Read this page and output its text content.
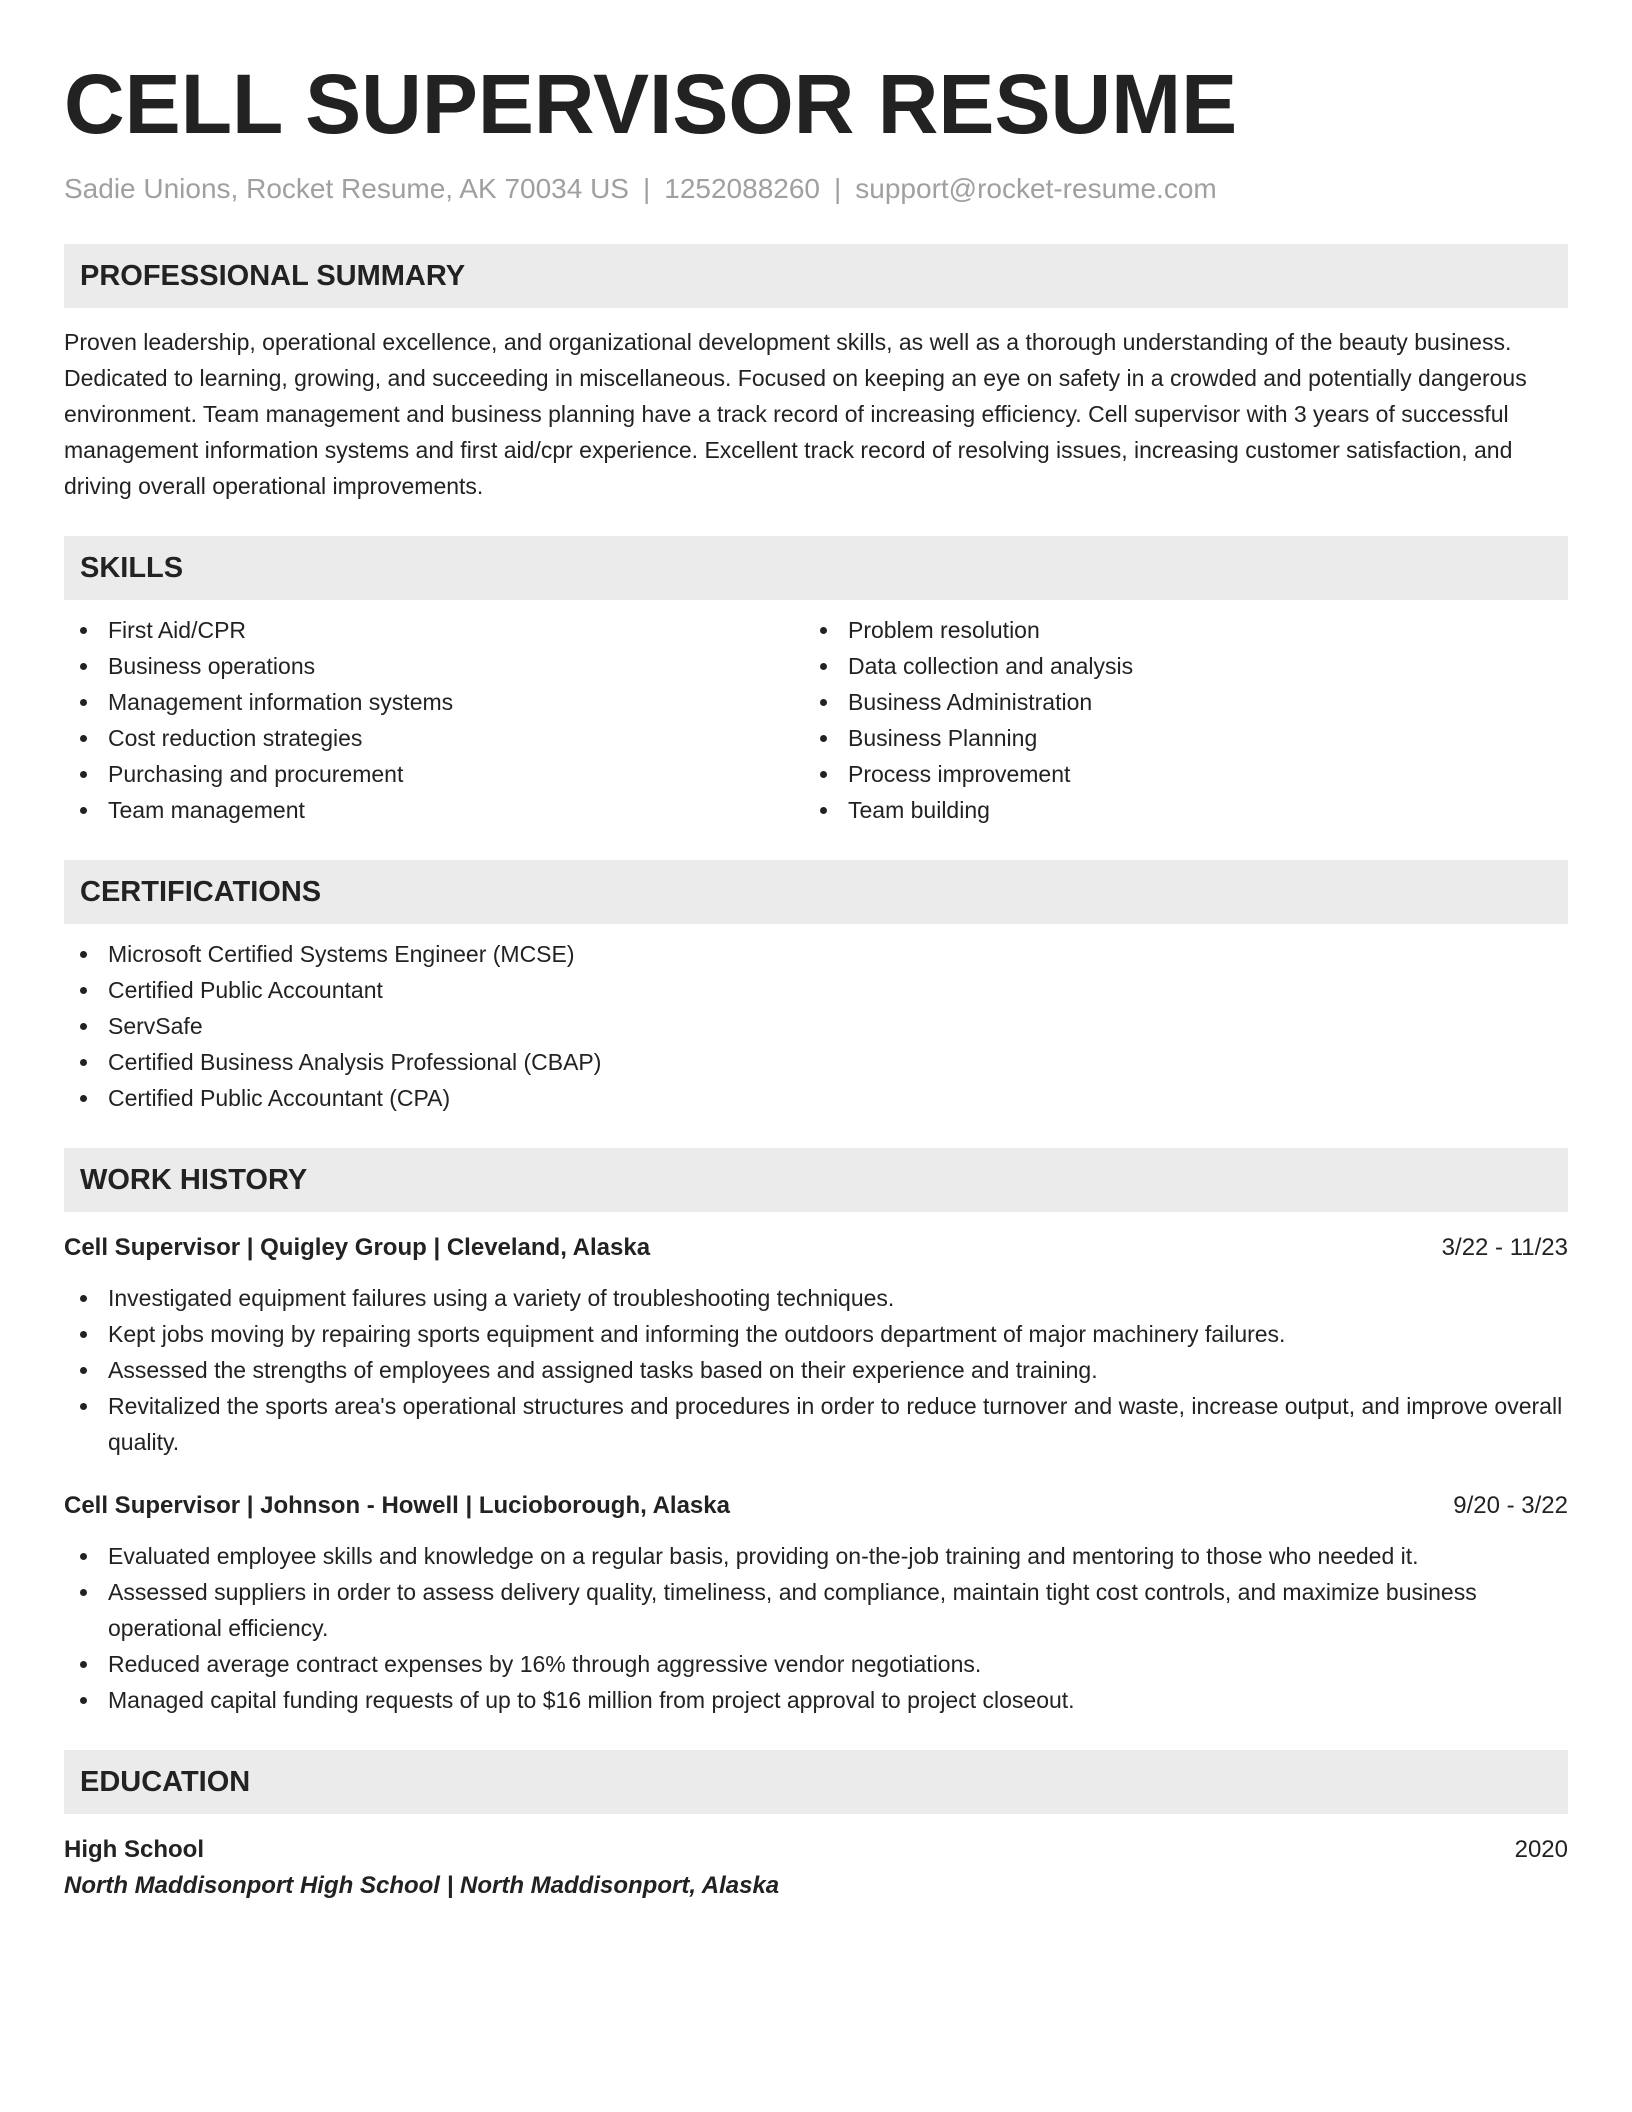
CELL SUPERVISOR RESUME
Sadie Unions, Rocket Resume, AK 70034 US | 1252088260 | support@rocket-resume.com
PROFESSIONAL SUMMARY

Proven leadership, operational excellence, and organizational development skills, as well as a thorough understanding of the beauty business. Dedicated to learning, growing, and succeeding in miscellaneous. Focused on keeping an eye on safety in a crowded and potentially dangerous environment. Team management and business planning have a track record of increasing efficiency. Cell supervisor with 3 years of successful management information systems and first aid/cpr experience. Excellent track record of resolving issues, increasing customer satisfaction, and driving overall operational improvements.

SKILLS
First Aid/CPR
Business operations
Management information systems
Cost reduction strategies
Purchasing and procurement
Team management
Problem resolution
Data collection and analysis
Business Administration
Business Planning
Process improvement
Team building
CERTIFICATIONS
Microsoft Certified Systems Engineer (MCSE)
Certified Public Accountant
ServSafe
Certified Business Analysis Professional (CBAP)
Certified Public Accountant (CPA)
WORK HISTORY
Cell Supervisor | Quigley Group | Cleveland, Alaska	3/22 - 11/23
Investigated equipment failures using a variety of troubleshooting techniques.
Kept jobs moving by repairing sports equipment and informing the outdoors department of major machinery failures.
Assessed the strengths of employees and assigned tasks based on their experience and training.
Revitalized the sports area's operational structures and procedures in order to reduce turnover and waste, increase output, and improve overall quality.
Cell Supervisor | Johnson - Howell | Lucioborough, Alaska	9/20 - 3/22
Evaluated employee skills and knowledge on a regular basis, providing on-the-job training and mentoring to those who needed it.
Assessed suppliers in order to assess delivery quality, timeliness, and compliance, maintain tight cost controls, and maximize business operational efficiency.
Reduced average contract expenses by 16% through aggressive vendor negotiations.
Managed capital funding requests of up to $16 million from project approval to project closeout.
EDUCATION
High School	2020
North Maddisonport High School | North Maddisonport, Alaska
